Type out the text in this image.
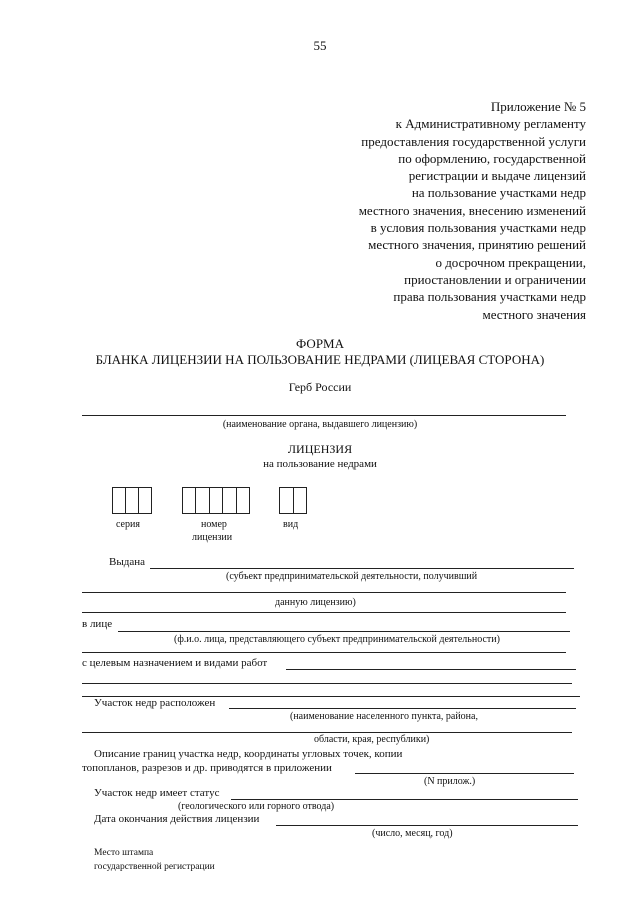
55
Приложение № 5
к Административному регламенту
предоставления государственной услуги
по оформлению, государственной
регистрации и выдаче лицензий
на пользование участками недр
местного значения, внесению изменений
в условия пользования участками недр
местного значения, принятию решений
о досрочном прекращении,
приостановлении и ограничении
права пользования участками недр
местного значения
ФОРМА
БЛАНКА ЛИЦЕНЗИИ НА ПОЛЬЗОВАНИЕ НЕДРАМИ (ЛИЦЕВАЯ СТОРОНА)
Герб России
(наименование органа, выдавшего лицензию)
ЛИЦЕНЗИЯ
на пользование недрами
серия	номер
лицензии
вид
Выдана
(субъект предпринимательской деятельности, получивший
данную лицензию)
в лице
(ф.и.о. лица, представляющего субъект предпринимательской деятельности)
с целевым назначением и видами работ
Участок недр расположен
(наименование населенного пункта, района,
области, края, республики)
Описание границ участка недр, координаты угловых точек, копии
топопланов, разрезов и др. приводятся в приложении
(N прилож.)
Участок недр имеет статус
(геологического или горного отвода)
Дата окончания действия лицензии
(число, месяц, год)
Место штампа
государственной регистрации
